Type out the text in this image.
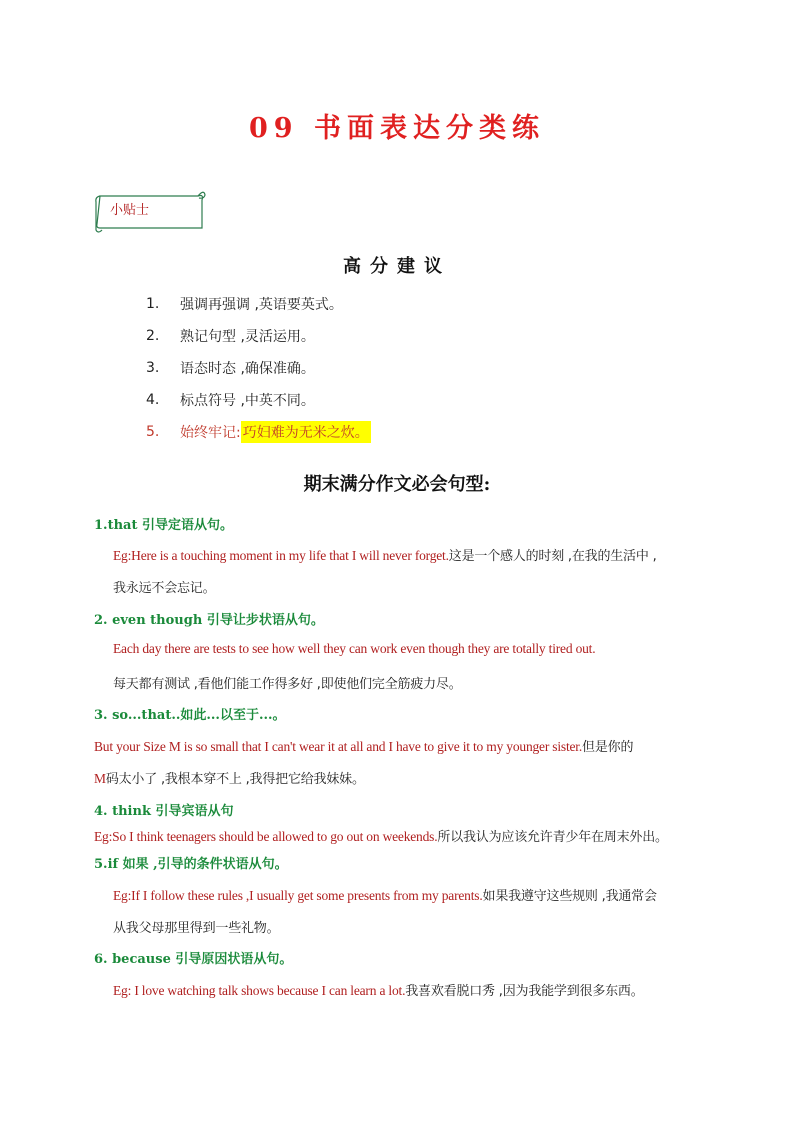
09 书面表达分类练
小贴士
高分建议
1.	强调再强调 ,英语要英式。
2.	熟记句型 ,灵活运用。
3.	语态时态 ,确保准确。
4.	标点符号 ,中英不同。
5.	始终牢记: 巧妇难为无米之炊。
期末满分作文必会句型:
1.that 引导定语从句。
Eg:Here is a touching moment in my life that I will never forget.这是一个感人的时刻 ,在我的生活中 ,
我永远不会忘记。
2. even though 引导让步状语从句。
Each day there are tests to see how well they can work even though they are totally tired out.
每天都有测试 ,看他们能工作得多好 ,即使他们完全筋疲力尽。
3. so...that..如此...以至于...。
But your Size M is so small that I can't wear it at all and I have to give it to my younger sister.但是你的
M码太小了 ,我根本穿不上 ,我得把它给我妹妹。
4. think 引导宾语从句
Eg:So I think teenagers should be allowed to go out on weekends.所以我认为应该允许青少年在周末外出。
5.if 如果 ,引导的条件状语从句。
Eg:If I follow these rules ,I usually get some presents from my parents.如果我遵守这些规则 ,我通常会
从我父母那里得到一些礼物。
6. because 引导原因状语从句。
Eg: I love watching talk shows because I can learn a lot.我喜欢看脱口秀 ,因为我能学到很多东西。
